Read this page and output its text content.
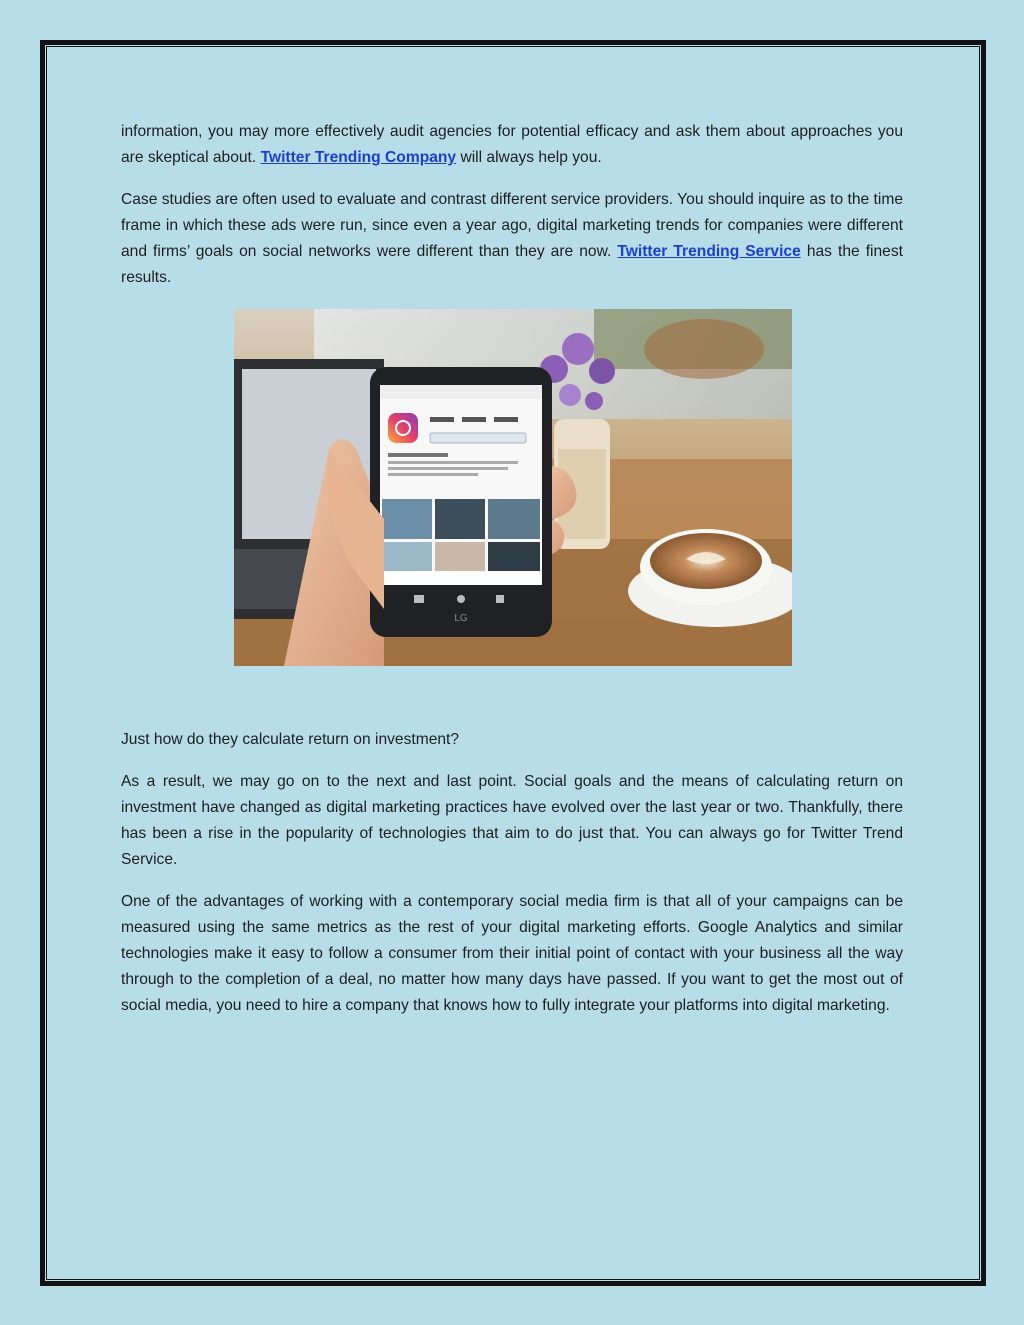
information, you may more effectively audit agencies for potential efficacy and ask them about approaches you are skeptical about. Twitter Trending Company will always help you.

Case studies are often used to evaluate and contrast different service providers. You should inquire as to the time frame in which these ads were run, since even a year ago, digital marketing trends for companies were different and firms’ goals on social networks were different than they are now. Twitter Trending Service has the finest results.

LG

Just how do they calculate return on investment?

As a result, we may go on to the next and last point. Social goals and the means of calculating return on investment have changed as digital marketing practices have evolved over the last year or two. Thankfully, there has been a rise in the popularity of technologies that aim to do just that. You can always go for Twitter Trend Service.

One of the advantages of working with a contemporary social media firm is that all of your campaigns can be measured using the same metrics as the rest of your digital marketing efforts. Google Analytics and similar technologies make it easy to follow a consumer from their initial point of contact with your business all the way through to the completion of a deal, no matter how many days have passed. If you want to get the most out of social media, you need to hire a company that knows how to fully integrate your platforms into digital marketing.
